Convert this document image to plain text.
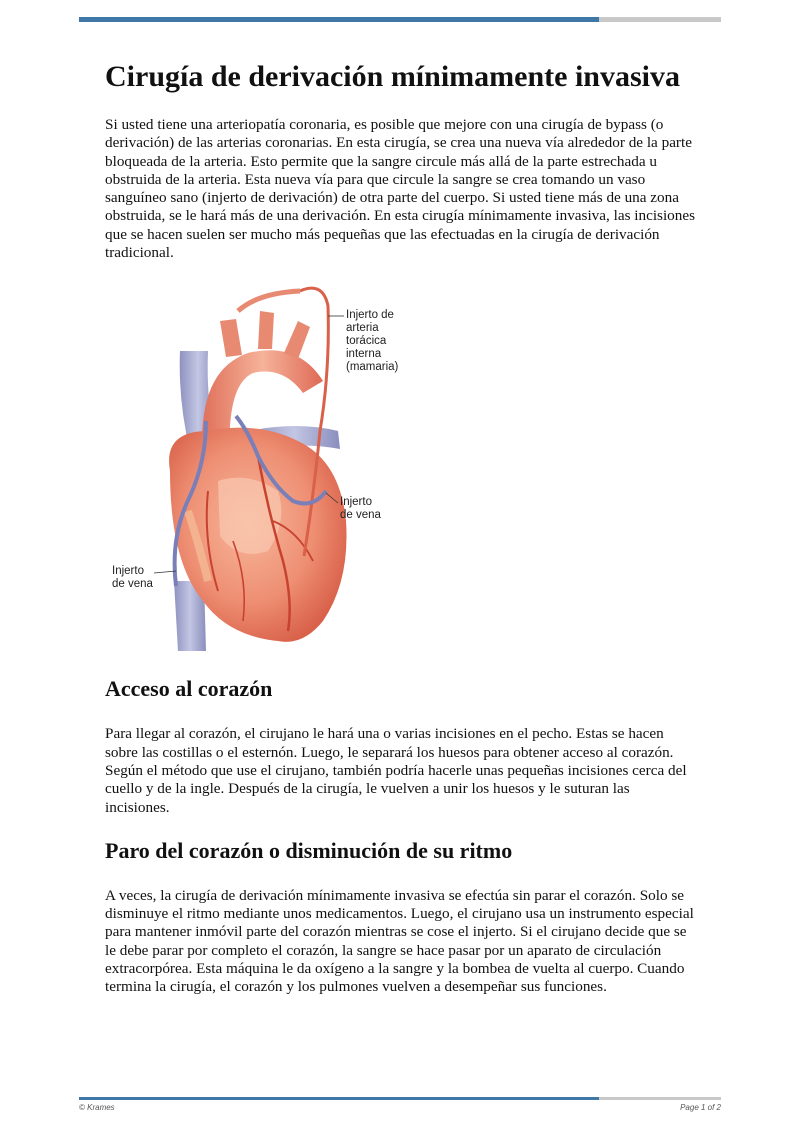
Cirugía de derivación mínimamente invasiva

Si usted tiene una arteriopatía coronaria, es posible que mejore con una cirugía de bypass (o derivación) de las arterias coronarias. En esta cirugía, se crea una nueva vía alrededor de la parte bloqueada de la arteria. Esto permite que la sangre circule más allá de la parte estrechada u obstruida de la arteria. Esta nueva vía para que circule la sangre se crea tomando un vaso sanguíneo sano (injerto de derivación) de otra parte del cuerpo. Si usted tiene más de una zona obstruida, se le hará más de una derivación. En esta cirugía mínimamente invasiva, las incisiones que se hacen suelen ser mucho más pequeñas que las efectuadas en la cirugía de derivación tradicional.

Injerto de
arteria
torácica
interna
(mamaria)
Injerto
de vena
Injerto
de vena
Acceso al corazón

Para llegar al corazón, el cirujano le hará una o varias incisiones en el pecho. Estas se hacen sobre las costillas o el esternón. Luego, le separará los huesos para obtener acceso al corazón. Según el método que use el cirujano, también podría hacerle unas pequeñas incisiones cerca del cuello y de la ingle. Después de la cirugía, le vuelven a unir los huesos y le suturan las incisiones.

Paro del corazón o disminución de su ritmo

A veces, la cirugía de derivación mínimamente invasiva se efectúa sin parar el corazón. Solo se disminuye el ritmo mediante unos medicamentos. Luego, el cirujano usa un instrumento especial para mantener inmóvil parte del corazón mientras se cose el injerto. Si el cirujano decide que se le debe parar por completo el corazón, la sangre se hace pasar por un aparato de circulación extracorpórea. Esta máquina le da oxígeno a la sangre y la bombea de vuelta al cuerpo. Cuando termina la cirugía, el corazón y los pulmones vuelven a desempeñar sus funciones.

© Krames	Page 1 of 2
